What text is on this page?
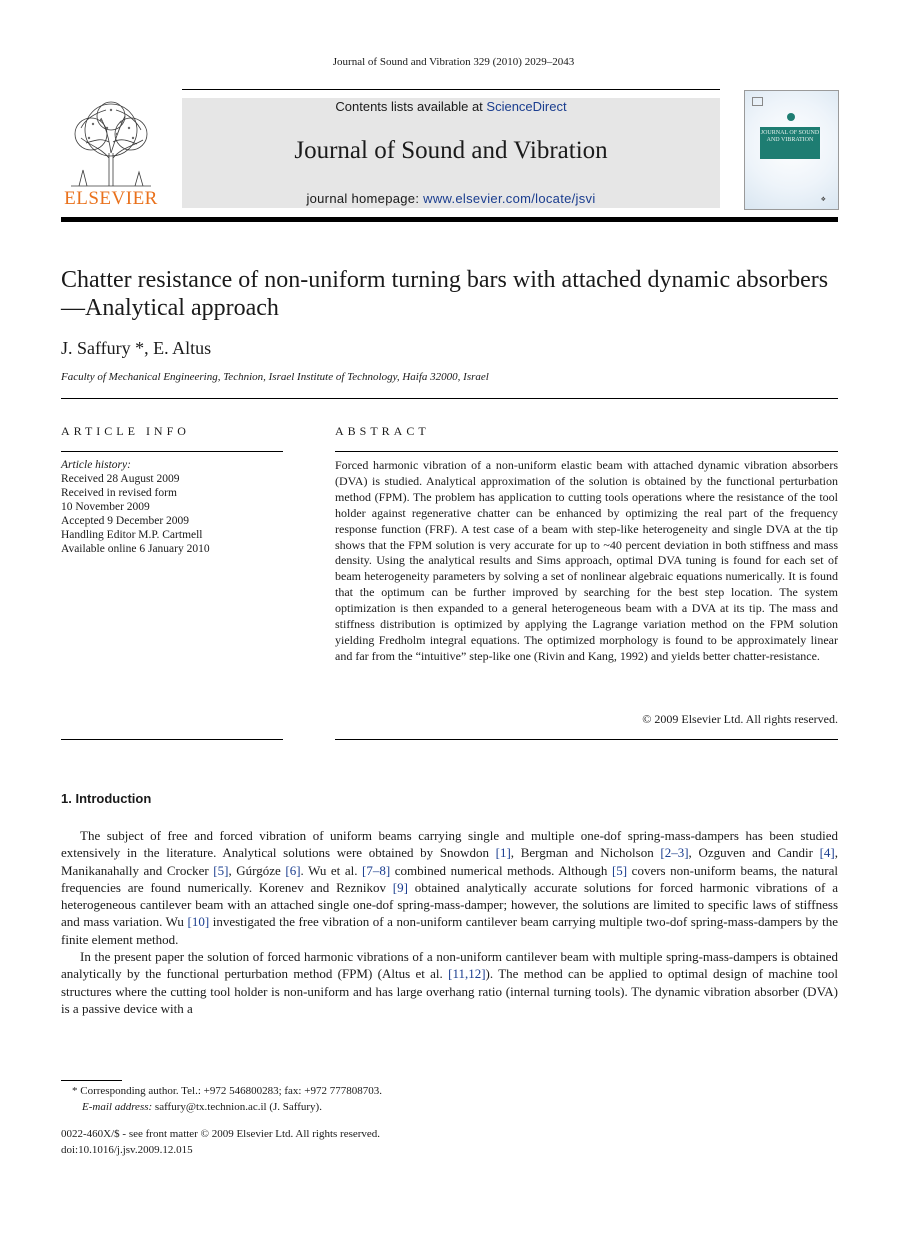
Journal of Sound and Vibration 329 (2010) 2029–2043
ELSEVIER
Contents lists available at ScienceDirect
Journal of Sound and Vibration
journal homepage: www.elsevier.com/locate/jsvi
JOURNAL OF SOUND AND VIBRATION
❖
Chatter resistance of non-uniform turning bars with attached dynamic absorbers—Analytical approach
J. Saffury *, E. Altus
Faculty of Mechanical Engineering, Technion, Israel Institute of Technology, Haifa 32000, Israel
ARTICLE INFO
Article history:
Received 28 August 2009
Received in revised form
10 November 2009
Accepted 9 December 2009
Handling Editor M.P. Cartmell
Available online 6 January 2010
ABSTRACT
Forced harmonic vibration of a non-uniform elastic beam with attached dynamic vibration absorbers (DVA) is studied. Analytical approximation of the solution is obtained by the functional perturbation method (FPM). The problem has application to cutting tools operations where the resistance of the tool holder against regenerative chatter can be enhanced by optimizing the real part of the frequency response function (FRF). A test case of a beam with step-like heterogeneity and single DVA at the tip shows that the FPM solution is very accurate for up to ~40 percent deviation in both stiffness and mass density. Using the analytical results and Sims approach, optimal DVA tuning is found for each set of beam heterogeneity parameters by solving a set of nonlinear algebraic equations numerically. It is found that the optimum can be further improved by searching for the best step location. The system optimization is then expanded to a general heterogeneous beam with a DVA at its tip. The mass and stiffness distribution is optimized by applying the Lagrange variation method on the FPM solution yielding Fredholm integral equations. The optimized morphology is found to be approximately linear and far from the “intuitive” step-like one (Rivin and Kang, 1992) and yields better chatter-resistance.
© 2009 Elsevier Ltd. All rights reserved.
1. Introduction

The subject of free and forced vibration of uniform beams carrying single and multiple one-dof spring-mass-dampers has been studied extensively in the literature. Analytical solutions were obtained by Snowdon [1], Bergman and Nicholson [2–3], Ozguven and Candir [4], Manikanahally and Crocker [5], Gúrgóze [6]. Wu et al. [7–8] combined numerical methods. Although [5] covers non-uniform beams, the natural frequencies are found numerically. Korenev and Reznikov [9] obtained analytically accurate solutions for forced harmonic vibrations of a heterogeneous cantilever beam with an attached single one-dof spring-mass-damper; however, the solutions are limited to specific laws of stiffness and mass variation. Wu [10] investigated the free vibration of a non-uniform cantilever beam carrying multiple two-dof spring-mass-dampers by the finite element method.

In the present paper the solution of forced harmonic vibrations of a non-uniform cantilever beam with multiple spring-mass-dampers is obtained analytically by the functional perturbation method (FPM) (Altus et al. [11,12]). The method can be applied to optimal design of machine tool structures where the cutting tool holder is non-uniform and has large overhang ratio (internal turning tools). The dynamic vibration absorber (DVA) is a passive device with a

* Corresponding author. Tel.: +972 546800283; fax: +972 777808703.
E-mail address: saffury@tx.technion.ac.il (J. Saffury).
0022-460X/$ - see front matter © 2009 Elsevier Ltd. All rights reserved.
doi:10.1016/j.jsv.2009.12.015
